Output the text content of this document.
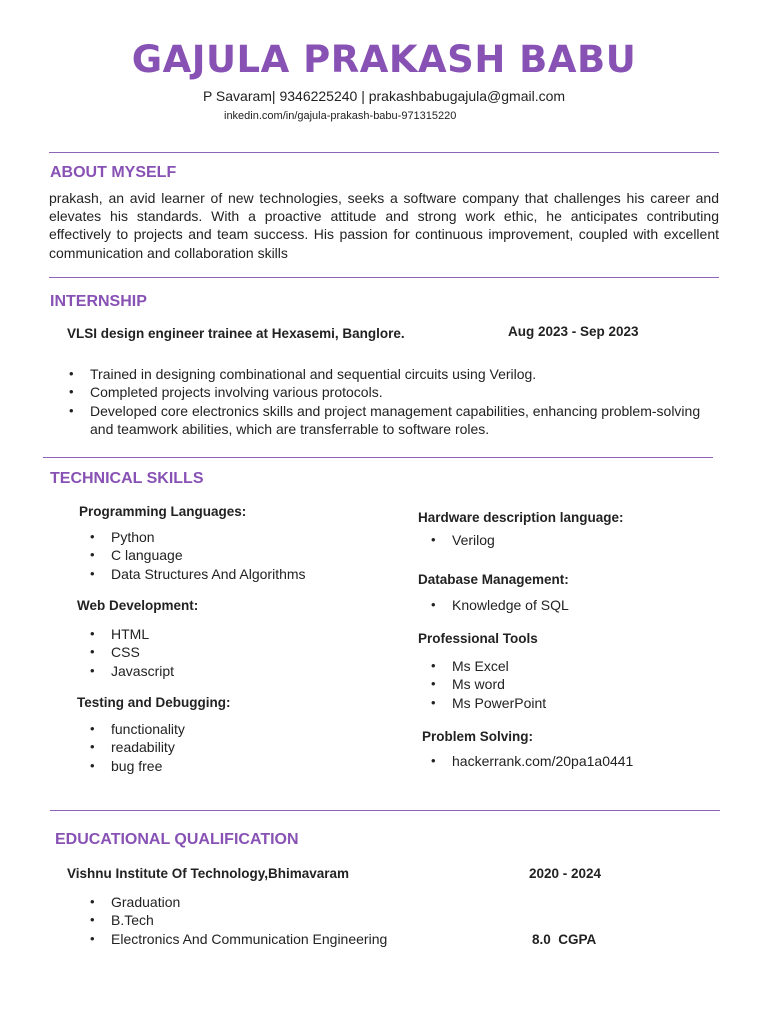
GAJULA PRAKASH BABU
P Savaram| 9346225240 | prakashbabugajula@gmail.com
inkedin.com/in/gajula-prakash-babu-971315220
ABOUT MYSELF
prakash, an avid learner of new technologies, seeks a software company that challenges his career and elevates his standards. With a proactive attitude and strong work ethic, he anticipates contributing effectively to projects and team success. His passion for continuous improvement, coupled with excellent communication and collaboration skills
INTERNSHIP
VLSI design engineer trainee at Hexasemi, Banglore.	Aug 2023 - Sep 2023
• Trained in designing combinational and sequential circuits using Verilog.
• Completed projects involving various protocols.
• Developed core electronics skills and project management capabilities, enhancing problem-solving and teamwork abilities, which are transferrable to software roles.
TECHNICAL SKILLS
Programming Languages:
• Python
• C language
• Data Structures And Algorithms
Web Development:
• HTML
• CSS
• Javascript
Testing and Debugging:
• functionality
• readability
• bug free
Hardware description language:
• Verilog
Database Management:
• Knowledge of SQL
Professional Tools
• Ms Excel
• Ms word
• Ms PowerPoint
Problem Solving:
• hackerrank.com/20pa1a0441
EDUCATIONAL QUALIFICATION
Vishnu Institute Of Technology,Bhimavaram	2020 - 2024
• Graduation
• B.Tech
• Electronics And Communication Engineering	8.0  CGPA
